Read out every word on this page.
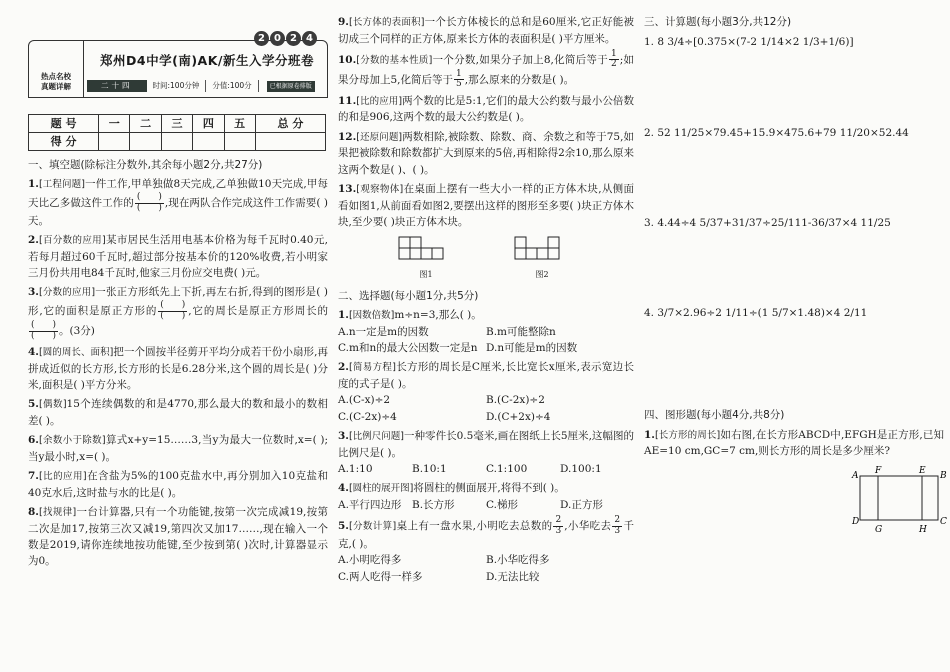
热点名校
真题详解
2 0 2 4
郑州D4中学(南)AK/新生入学分班卷
二十四	时间:100分钟	分值:100分	已根据原卷排版
题 号	一	二	三	四	五	总 分
得 分						
一、填空题(除标注分数外,其余每小题2分,共27分)
1.[工程问题]一件工作,甲单独做8天完成,乙单独做10天完成,甲每天比乙多做这件工作的 $\frac{( )}{( )}$ ,现在两队合作完成这件工作需要( )天。
2.[百分数的应用]某市居民生活用电基本价格为每千瓦时0.40元,若每月超过60千瓦时,超过部分按基本价的120%收费,若小明家三月份共用电84千瓦时,他家三月份应交电费( )元。
3.[分数的应用]一张正方形纸先上下折,再左右折,得到的图形是( )形,它的面积是原正方形的 $\frac{( )}{( )}$ ,它的周长是原正方形周长的
$\frac{( )}{( )}$ 。(3分)
4.[圆的周长、面积]把一个圆按半径剪开平均分成若干份小扇形,再拼成近似的长方形,长方形的长是6.28分米,这个圆的周长是( )分米,面积是( )平方分米。
5.[偶数]15个连续偶数的和是4770,那么最大的数和最小的数相差( )。
6.[余数小于除数]算式x+y=15……3,当y为最大一位数时,x=( );当y最小时,x=( )。
7.[比的应用]在含盐为5%的100克盐水中,再分别加入10克盐和40克水后,这时盐与水的比是( )。
8.[找规律]一台计算器,只有一个功能键,按第一次完成减19,按第二次是加17,按第三次又减19,第四次又加17……,现在输入一个数是2019,请你连续地按功能键,至少按到第( )次时,计算器显示为0。
9.[长方体的表面积]一个长方体棱长的总和是60厘米,它正好能被切成三个同样的正方体,原来长方体的表面积是( )平方厘米。
10.[分数的基本性质]一个分数,如果分子加上8,化简后等于 $\frac{1}{2}$ ;如果分母加上5,化简后等于 $\frac{1}{5}$ ,那么原来的分数是( )。
11.[比的应用]两个数的比是5:1,它们的最大公约数与最小公倍数的和是906,这两个数的最大公约数是( )。
12.[还原问题]两数相除,被除数、除数、商、余数之和等于75,如果把被除数和除数都扩大到原来的5倍,再相除得2余10,那么原来这两个数是( )、( )。
13.[观察物体]在桌面上摆有一些大小一样的正方体木块,从侧面看如图1,从前面看如图2,要摆出这样的图形至多要( )块正方体木块,至少要( )块正方体木块。
图1	图2
二、选择题(每小题1分,共5分)
1.[因数倍数]m÷n=3,那么( )。
A.n一定是m的因数	B.m可能整除n
C.m和n的最大公因数一定是n D.n可能是m的因数
2.[简易方程]长方形的周长是C厘米,长比宽长x厘米,表示宽边长度的式子是( )。
A.(C-x)÷2	B.(C-2x)÷2
C.(C-2x)÷4	D.(C+2x)÷4
3.[比例尺问题]一种零件长0.5毫米,画在图纸上长5厘米,这幅图的比例尺是( )。
A.1:10	B.10:1	C.1:100	D.100:1
4.[圆柱的展开图]将圆柱的侧面展开,将得不到( )。
A.平行四边形	B.长方形	C.梯形	D.正方形
5.[分数计算]桌上有一盘水果,小明吃去总数的 $\frac{2}{3}$ ,小华吃去 $\frac{2}{3}$ 千克,( )。
A.小明吃得多	B.小华吃得多
C.两人吃得一样多	D.无法比较
三、计算题(每小题3分,共12分)
1. 8 3/4÷[0.375×(7-2 1/14×2 1/3+1/6)]
2. 52 11/25×79.45+15.9×475.6+79 11/20×52.44
3. 4.44÷4 5/37+31/37÷25/111-36/37×4 11/25
4. 3/7×2.96÷2 1/11÷(1 5/7×1.48)×4 2/11
四、图形题(每小题4分,共8分)
1.[长方形的周长]如右图,在长方形ABCD中,EFGH是正方形,已知AE=10 cm,GC=7 cm,则长方形的周长是多少厘米?
A F	E B
D
G	H
C
